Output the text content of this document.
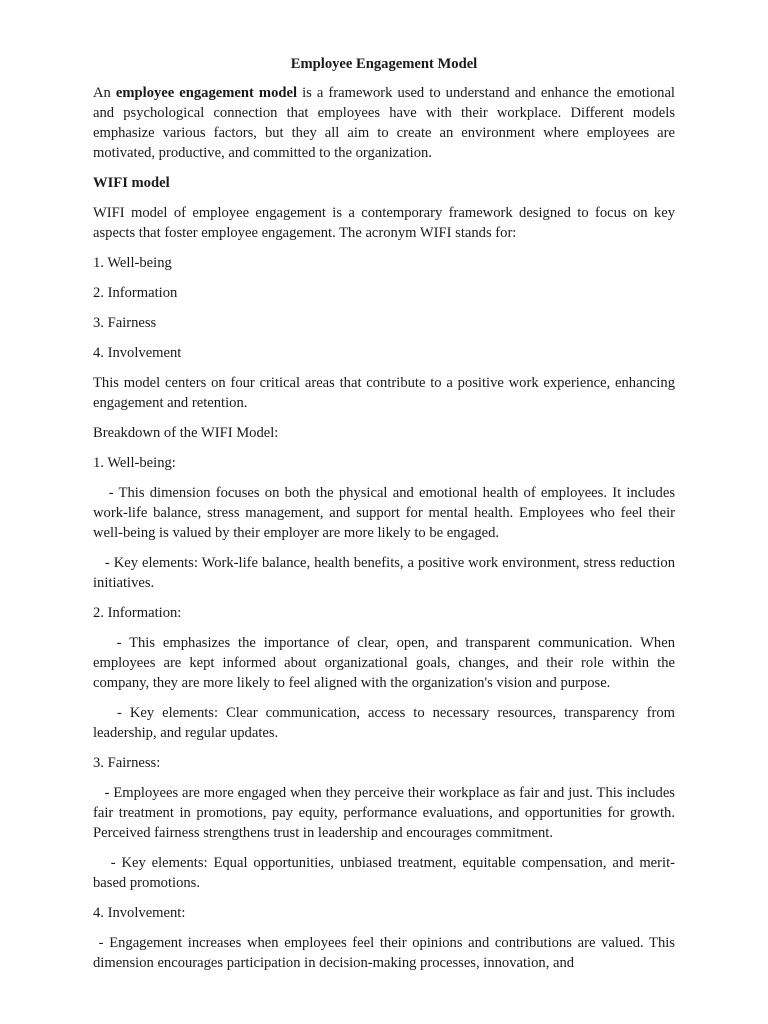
Employee Engagement Model

An employee engagement model is a framework used to understand and enhance the emotional and psychological connection that employees have with their workplace. Different models emphasize various factors, but they all aim to create an environment where employees are motivated, productive, and committed to the organization.

WIFI model

WIFI model of employee engagement is a contemporary framework designed to focus on key aspects that foster employee engagement. The acronym WIFI stands for:

1. Well-being
2. Information
3. Fairness
4. Involvement

This model centers on four critical areas that contribute to a positive work experience, enhancing engagement and retention.

Breakdown of the WIFI Model:
1. Well-being:

- This dimension focuses on both the physical and emotional health of employees. It includes work-life balance, stress management, and support for mental health. Employees who feel their well-being is valued by their employer are more likely to be engaged.

- Key elements: Work-life balance, health benefits, a positive work environment, stress reduction initiatives.

2. Information:

- This emphasizes the importance of clear, open, and transparent communication. When employees are kept informed about organizational goals, changes, and their role within the company, they are more likely to feel aligned with the organization's vision and purpose.

- Key elements: Clear communication, access to necessary resources, transparency from leadership, and regular updates.

3. Fairness:

- Employees are more engaged when they perceive their workplace as fair and just. This includes fair treatment in promotions, pay equity, performance evaluations, and opportunities for growth. Perceived fairness strengthens trust in leadership and encourages commitment.

- Key elements: Equal opportunities, unbiased treatment, equitable compensation, and merit-based promotions.

4. Involvement:

- Engagement increases when employees feel their opinions and contributions are valued. This dimension encourages participation in decision-making processes, innovation, and
